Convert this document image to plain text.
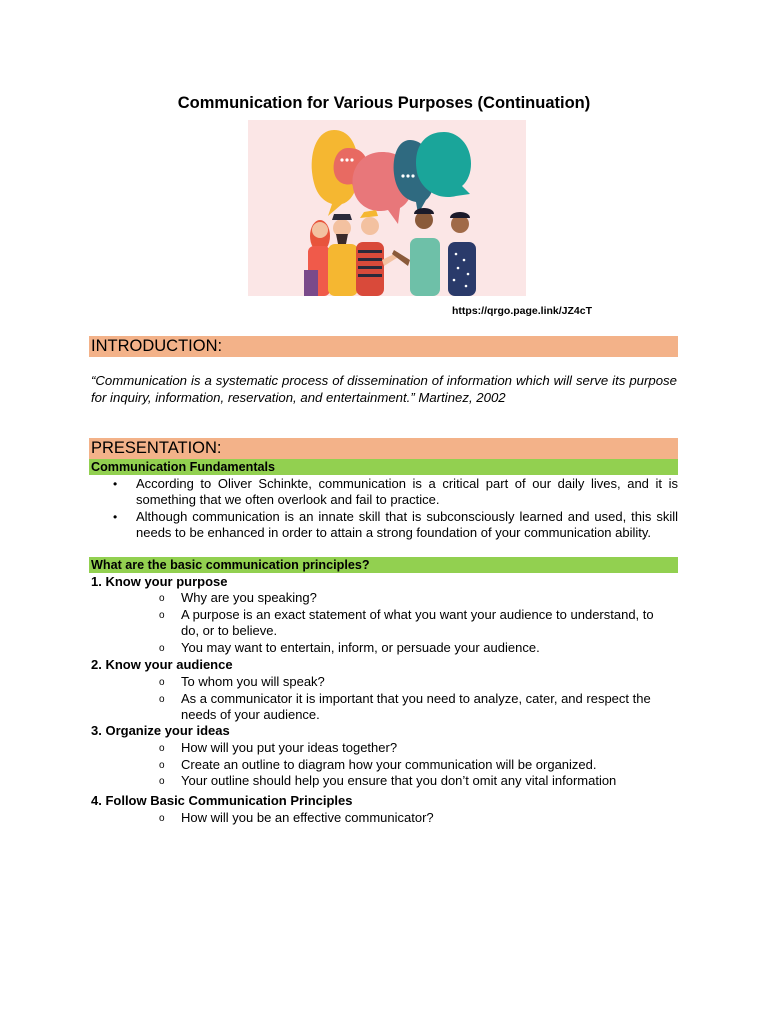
Communication for Various Purposes (Continuation)
https://qrgo.page.link/JZ4cT
INTRODUCTION:
“Communication is a systematic process of dissemination of information which will serve its purpose for inquiry, information, reservation, and entertainment.” Martinez, 2002
PRESENTATION:
Communication Fundamentals
• According to Oliver Schinkte, communication is a critical part of our daily lives, and it is something that we often overlook and fail to practice.
• Although communication is an innate skill that is subconsciously learned and used, this skill needs to be enhanced in order to attain a strong foundation of your communication ability.
What are the basic communication principles?
1. Know your purpose
o Why are you speaking?
o A purpose is an exact statement of what you want your audience to understand, to do, or to believe.
o You may want to entertain, inform, or persuade your audience.
2. Know your audience
o To whom you will speak?
o As a communicator it is important that you need to analyze, cater, and respect the needs of your audience.
3. Organize your ideas
o How will you put your ideas together?
o Create an outline to diagram how your communication will be organized.
o Your outline should help you ensure that you don’t omit any vital information
4. Follow Basic Communication Principles
o How will you be an effective communicator?
